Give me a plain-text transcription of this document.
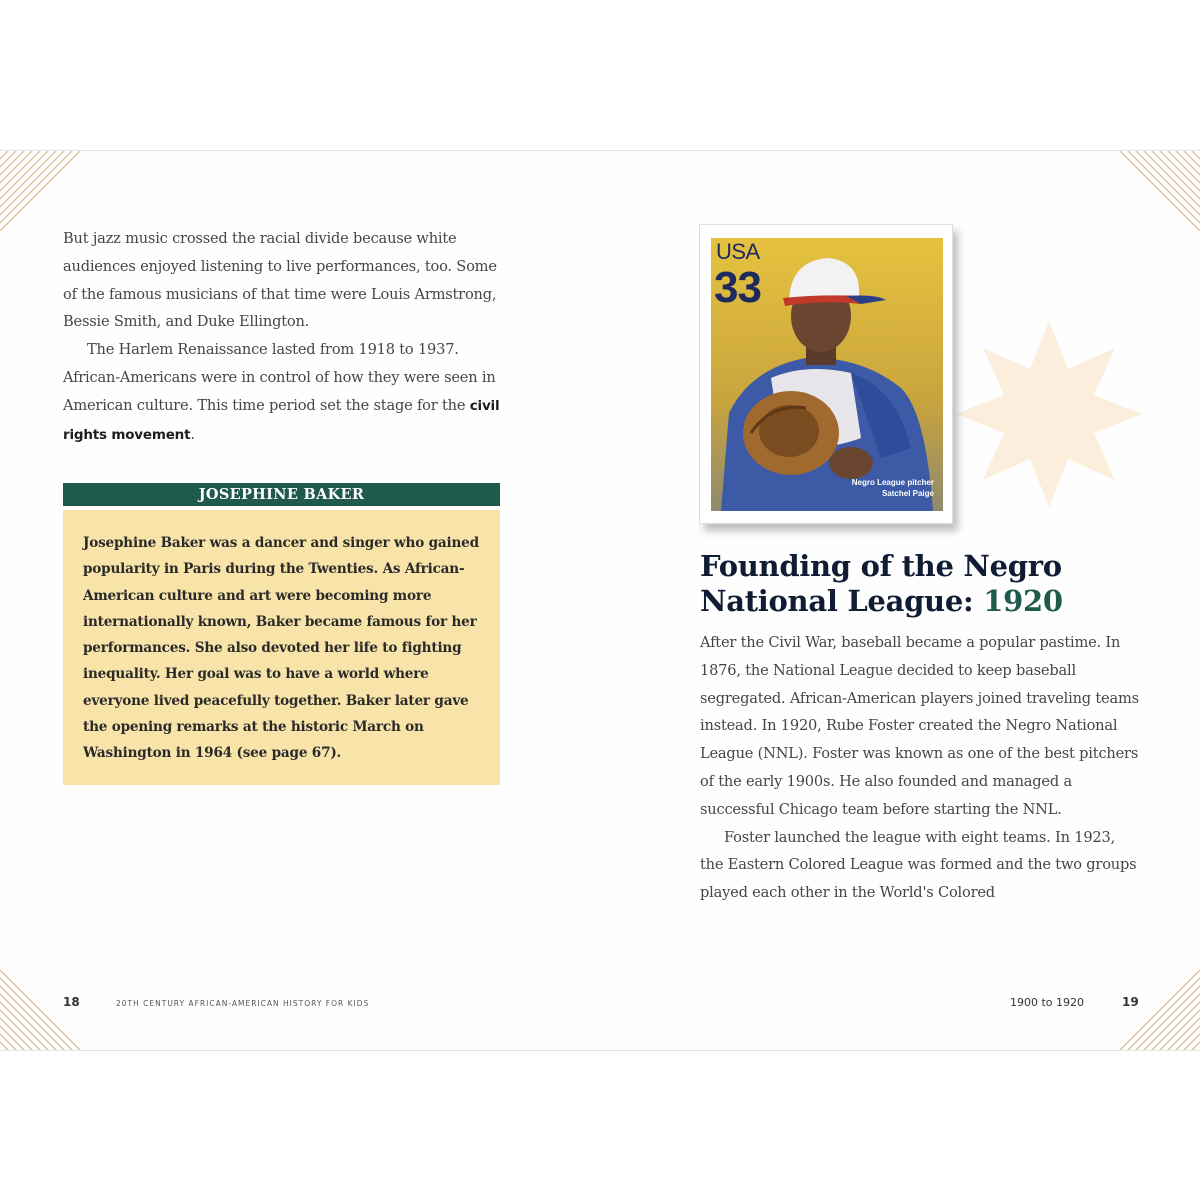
But jazz music crossed the racial divide because white audiences enjoyed listening to live performances, too. Some of the famous musicians of that time were Louis Armstrong, Bessie Smith, and Duke Ellington.

The Harlem Renaissance lasted from 1918 to 1937. African-Americans were in control of how they were seen in American culture. This time period set the stage for the civil rights movement.

JOSEPHINE BAKER
Josephine Baker was a dancer and singer who gained popularity in Paris during the Twenties. As African-American culture and art were becoming more internationally known, Baker became famous for her performances. She also devoted her life to fighting inequality. Her goal was to have a world where everyone lived peacefully together. Baker later gave the opening remarks at the historic March on Washington in 1964 (see page 67).
18	20TH CENTURY AFRICAN-AMERICAN HISTORY FOR KIDS
USA
33
Negro League pitcher
Satchel Paige
Founding of the Negro National League: 1920

After the Civil War, baseball became a popular pastime. In 1876, the National League decided to keep baseball segregated. African-American players joined traveling teams instead. In 1920, Rube Foster created the Negro National League (NNL). Foster was known as one of the best pitchers of the early 1900s. He also founded and managed a successful Chicago team before starting the NNL.

Foster launched the league with eight teams. In 1923, the Eastern Colored League was formed and the two groups played each other in the World's Colored

1900 to 1920	19
